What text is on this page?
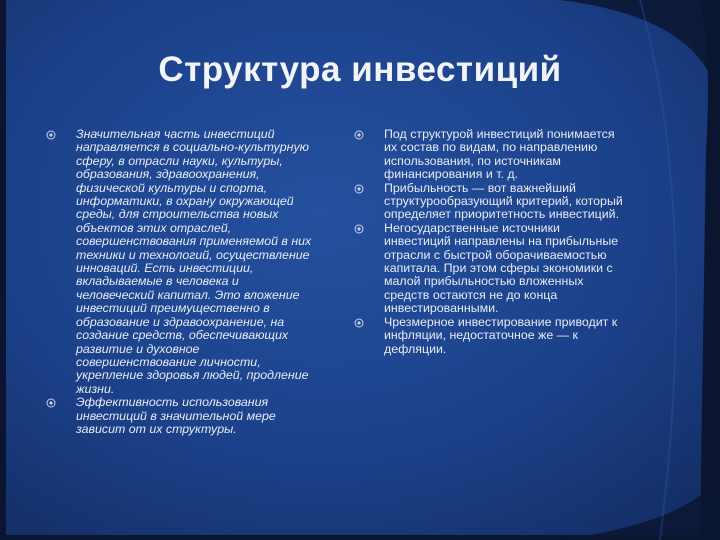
Структура инвестиций
Значительная часть инвестиций направляется в социально-культурную сферу, в отрасли науки, культуры, образования, здравоохранения, физической культуры и спорта, информатики, в охрану окружающей среды, для строительства новых объектов этих отраслей, совершенствования применяемой в них техники и технологий, осуществление инноваций. Есть инвестиции, вкладываемые в человека и человеческий капитал. Это вложение инвестиций преимущественно в образование и здравоохранение, на создание средств, обеспечивающих развитие и духовное совершенствование личности, укрепление здоровья людей, продление жизни.
Эффективность использования инвестиций в значительной мере зависит от их структуры.
Под структурой инвестиций понимается их состав по видам, по направлению использования, по источникам финансирования и т. д.
Прибыльность — вот важнейший структурообразующий критерий, который определяет приоритетность инвестиций.
Негосударственные источники инвестиций направлены на прибыльные отрасли с быстрой оборачиваемостью капитала. При этом сферы экономики с малой прибыльностью вложенных средств остаются не до конца инвестированными.
Чрезмерное инвестирование приводит к инфляции, недостаточное же — к дефляции.
